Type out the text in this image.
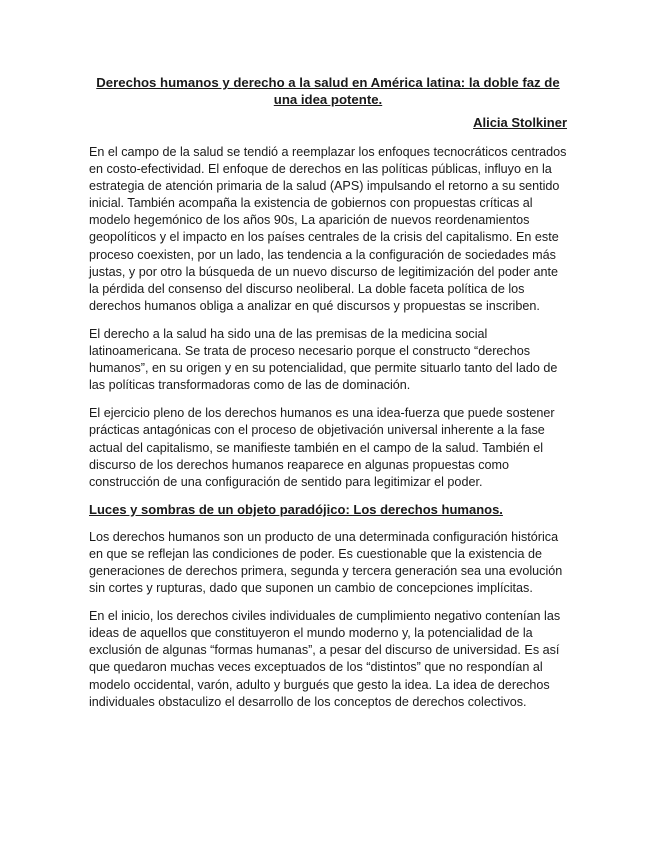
Derechos humanos y derecho a la salud en América latina: la doble faz de una idea potente.

Alicia Stolkiner

En el campo de la salud se tendió a reemplazar los enfoques tecnocráticos centrados en costo-efectividad. El enfoque de derechos en las políticas públicas, influyo en la estrategia de atención primaria de la salud (APS) impulsando el retorno a su sentido inicial. También acompaña la existencia de gobiernos con propuestas críticas al modelo hegemónico de los años 90s, La aparición de nuevos reordenamientos geopolíticos y el impacto en los países centrales de la crisis del capitalismo. En este proceso coexisten, por un lado, las tendencia a la configuración de sociedades más justas, y por otro la búsqueda de un nuevo discurso de legitimización del poder ante la pérdida del consenso del discurso neoliberal. La doble faceta política de los derechos humanos obliga a analizar en qué discursos y propuestas se inscriben.

El derecho a la salud ha sido una de las premisas de la medicina social latinoamericana. Se trata de proceso necesario porque el constructo “derechos humanos”, en su origen y en su potencialidad, que permite situarlo tanto del lado de las políticas transformadoras como de las de dominación.

El ejercicio pleno de los derechos humanos es una idea-fuerza que puede sostener prácticas antagónicas con el proceso de objetivación universal inherente a la fase actual del capitalismo, se manifieste también en el campo de la salud. También el discurso de los derechos humanos reaparece en algunas propuestas como construcción de una configuración de sentido para legitimizar el poder.

Luces y sombras de un objeto paradójico: Los derechos humanos.

Los derechos humanos son un producto de una determinada configuración histórica en que se reflejan las condiciones de poder. Es cuestionable que la existencia de generaciones de derechos primera, segunda y tercera generación sea una evolución sin cortes y rupturas, dado que suponen un cambio de concepciones implícitas.

En el inicio, los derechos civiles individuales de cumplimiento negativo contenían las ideas de aquellos que constituyeron el mundo moderno y, la potencialidad de la exclusión de algunas “formas humanas”, a pesar del discurso de universidad. Es así que quedaron muchas veces exceptuados de los “distintos” que no respondían al modelo occidental, varón, adulto y burgués que gesto la idea. La idea de derechos individuales obstaculizo el desarrollo de los conceptos de derechos colectivos.
